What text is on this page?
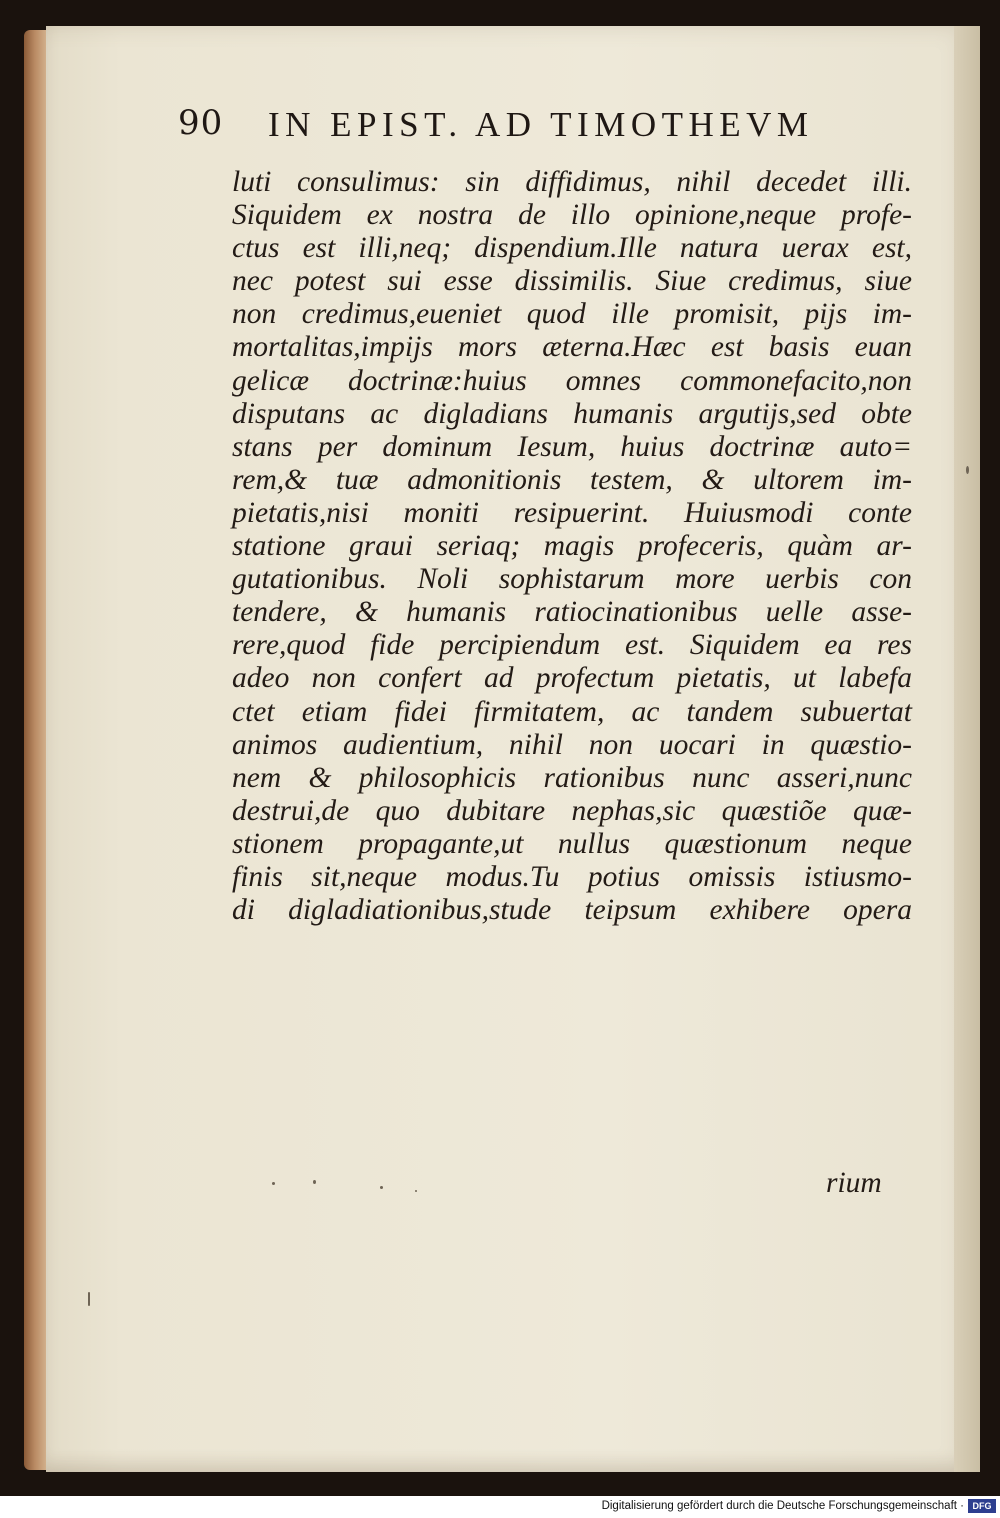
90 IN EPIST. AD TIMOTHEVM
luti consulimus: sin diffidimus, nihil decedet illi.
Siquidem ex nostra de illo opinione,neque profe-
ctus est illi,neq; dispendium.Ille natura uerax est,
nec potest sui esse dissimilis. Siue credimus, siue
non credimus,eueniet quod ille promisit, pijs im-
mortalitas,impijs mors æterna.Hæc est basis euan
gelicæ doctrinæ:huius omnes commonefacito,non
disputans ac digladians humanis argutijs,sed obte
stans per dominum Iesum, huius doctrinæ auto=
rem,& tuæ admonitionis testem, & ultorem im-
pietatis,nisi moniti resipuerint. Huiusmodi conte
statione graui seriaq; magis profeceris, quàm ar-
gutationibus. Noli sophistarum more uerbis con
tendere, & humanis ratiocinationibus uelle asse-
rere,quod fide percipiendum est. Siquidem ea res
adeo non confert ad profectum pietatis, ut labefa
ctet etiam fidei firmitatem, ac tandem subuertat
animos audientium, nihil non uocari in quæstio-
nem & philosophicis rationibus nunc asseri,nunc
destrui,de quo dubitare nephas,sic quæstiõe quæ-
stionem propagante,ut nullus quæstionum neque
finis sit,neque modus.Tu potius omissis istiusmo-
di digladiationibus,stude teipsum exhibere opera
rium
Digitalisierung gefördert durch die Deutsche Forschungsgemeinschaft · DFG
